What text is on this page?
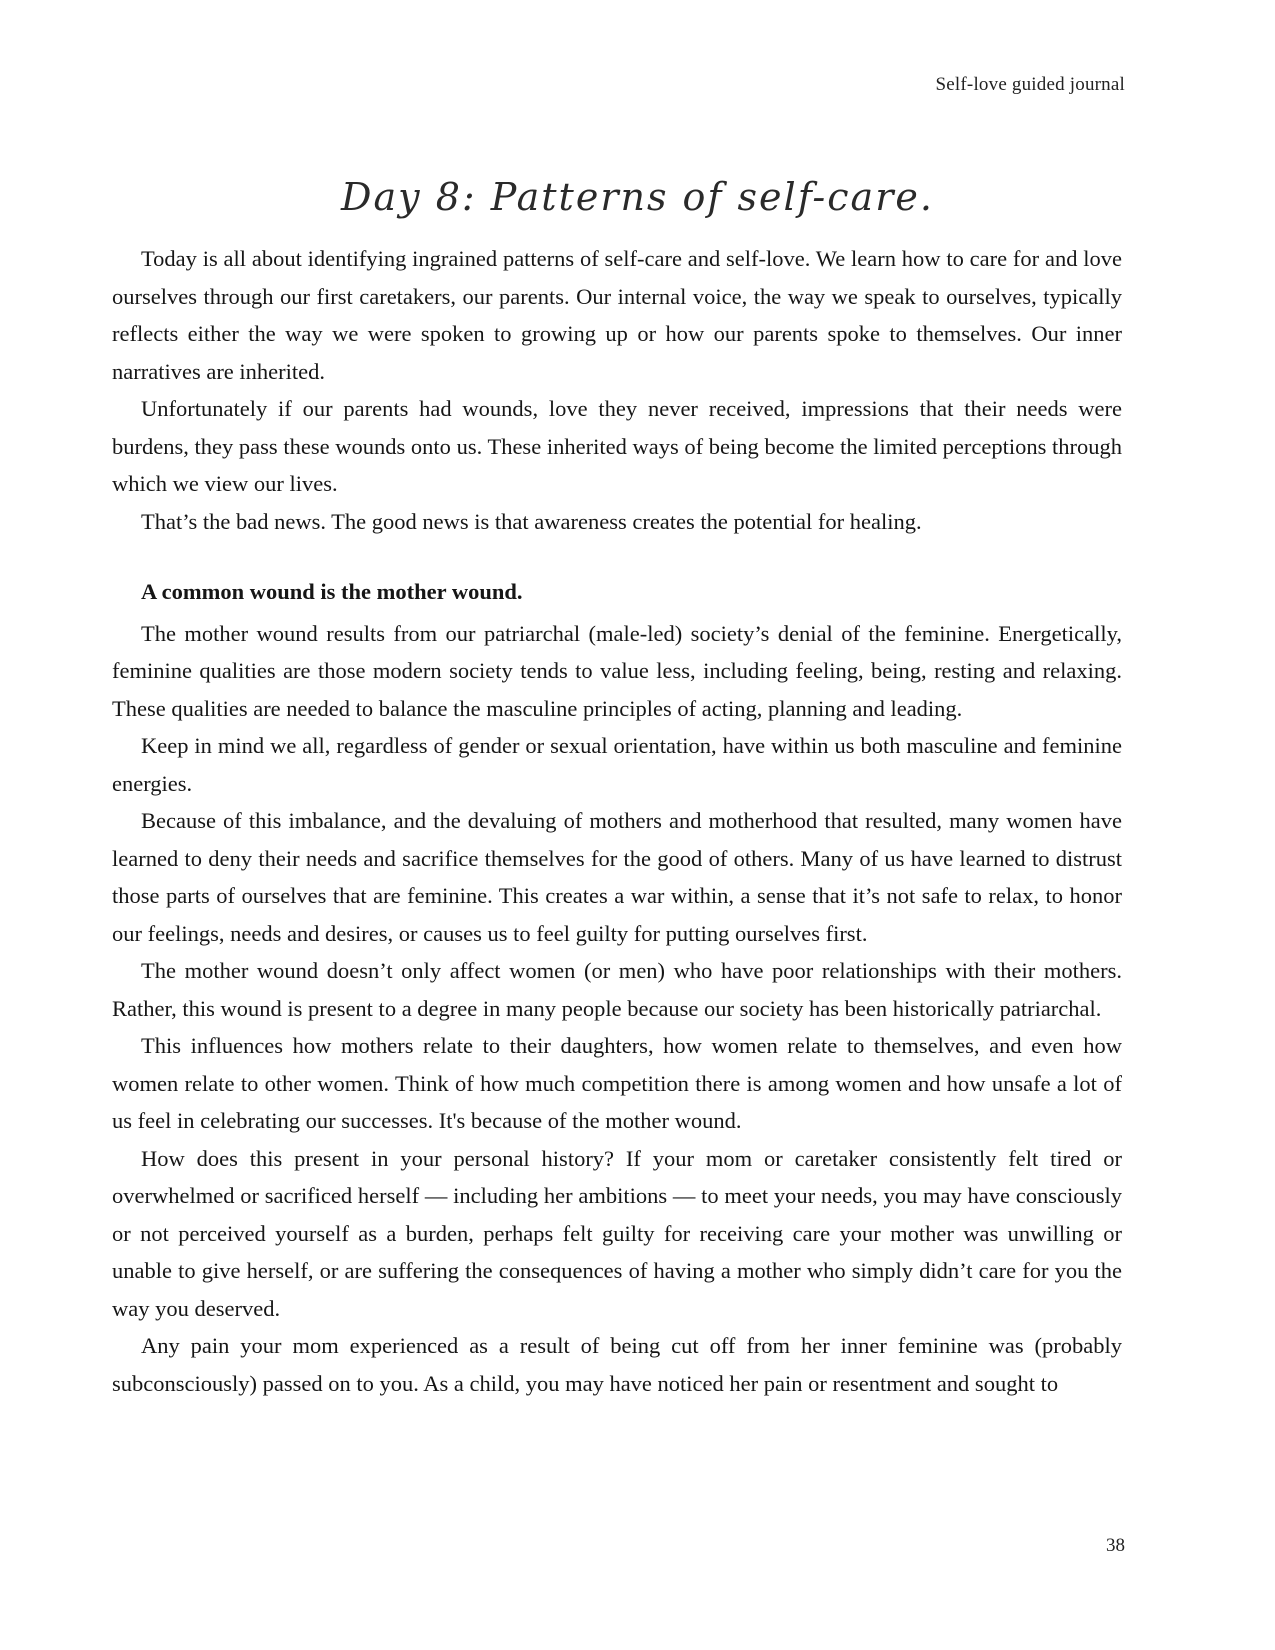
Self-love guided journal
Day 8: Patterns of self-care.

Today is all about identifying ingrained patterns of self-care and self-love. We learn how to care for and love ourselves through our first caretakers, our parents. Our internal voice, the way we speak to ourselves, typically reflects either the way we were spoken to growing up or how our parents spoke to themselves. Our inner narratives are inherited.

Unfortunately if our parents had wounds, love they never received, impressions that their needs were burdens, they pass these wounds onto us. These inherited ways of being become the limited perceptions through which we view our lives.

That’s the bad news. The good news is that awareness creates the potential for healing.

A common wound is the mother wound.

The mother wound results from our patriarchal (male-led) society’s denial of the feminine. Energetically, feminine qualities are those modern society tends to value less, including feeling, being, resting and relaxing. These qualities are needed to balance the masculine principles of acting, planning and leading.

Keep in mind we all, regardless of gender or sexual orientation, have within us both masculine and feminine energies.

Because of this imbalance, and the devaluing of mothers and motherhood that resulted, many women have learned to deny their needs and sacrifice themselves for the good of others. Many of us have learned to distrust those parts of ourselves that are feminine. This creates a war within, a sense that it’s not safe to relax, to honor our feelings, needs and desires, or causes us to feel guilty for putting ourselves first.

The mother wound doesn’t only affect women (or men) who have poor relationships with their mothers. Rather, this wound is present to a degree in many people because our society has been historically patriarchal.

This influences how mothers relate to their daughters, how women relate to themselves, and even how women relate to other women. Think of how much competition there is among women and how unsafe a lot of us feel in celebrating our successes. It's because of the mother wound.

How does this present in your personal history? If your mom or caretaker consistently felt tired or overwhelmed or sacrificed herself — including her ambitions — to meet your needs, you may have consciously or not perceived yourself as a burden, perhaps felt guilty for receiving care your mother was unwilling or unable to give herself, or are suffering the consequences of having a mother who simply didn’t care for you the way you deserved.

Any pain your mom experienced as a result of being cut off from her inner feminine was (probably subconsciously) passed on to you. As a child, you may have noticed her pain or resentment and sought to

38
